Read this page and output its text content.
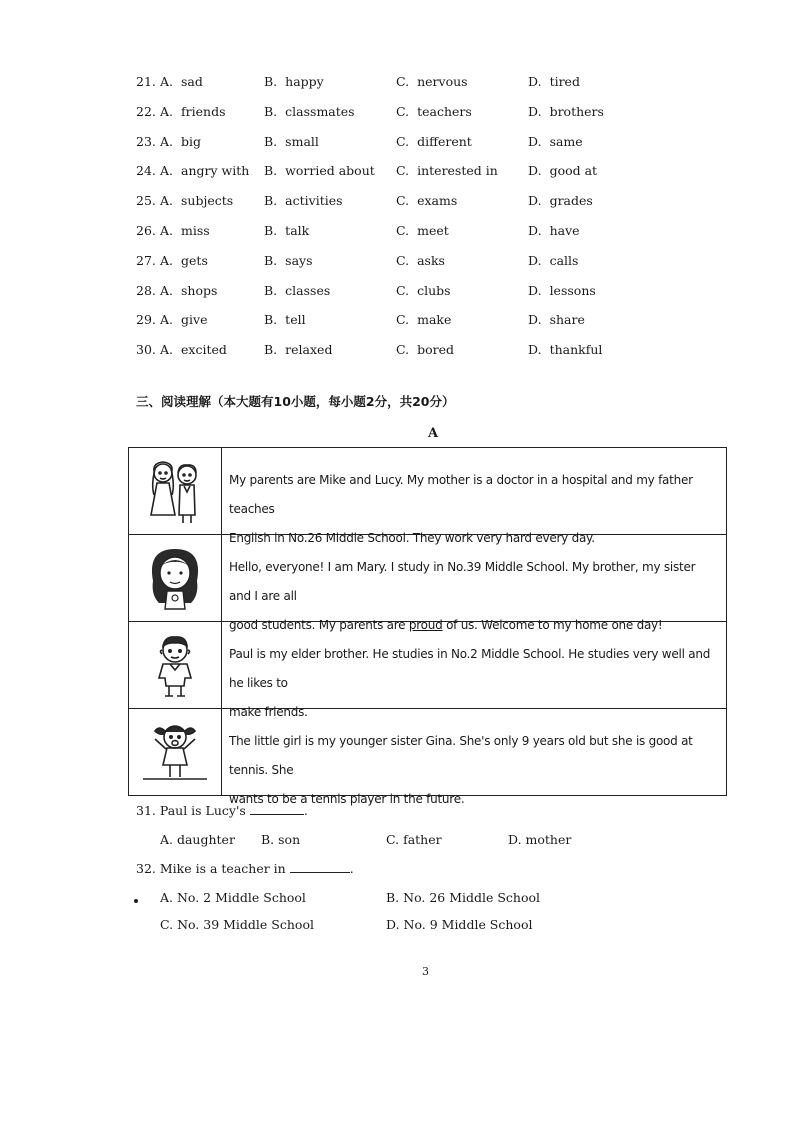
21. A. sad	B. happy	C. nervous	D. tired
22. A. friends	B. classmates	C. teachers	D. brothers
23. A. big	B. small	C. different	D. same
24. A. angry with B. worried about C. interested in D. good at
25. A. subjects B. activities	C. exams	D. grades
26. A. miss	B. talk	C. meet	D. have
27. A. gets	B. says	C. asks	D. calls
28. A. shops	B. classes	C. clubs	D. lessons
29. A. give	B. tell	C. make	D. share
30. A. excited	B. relaxed	C. bored	D. thankful
三、阅读理解（本大题有10小题，每小题2分，共20分）
A
My parents are Mike and Lucy. My mother is a doctor in a hospital and my father teaches
English in No.26 Middle School. They work very hard every day.
Hello, everyone! I am Mary. I study in No.39 Middle School. My brother, my sister and I are all
good students. My parents are proud of us. Welcome to my home one day!
Paul is my elder brother. He studies in No.2 Middle School. He studies very well and he likes to
make friends.
The little girl is my younger sister Gina. She's only 9 years old but she is good at tennis. She
wants to be a tennis player in the future.
31. Paul is Lucy's	.
A. daughter B. son	C. father	D. mother
32. Mike is a teacher in	.
A. No. 2 Middle School	B. No. 26 Middle School
C. No. 39 Middle School	D. No. 9 Middle School
3
